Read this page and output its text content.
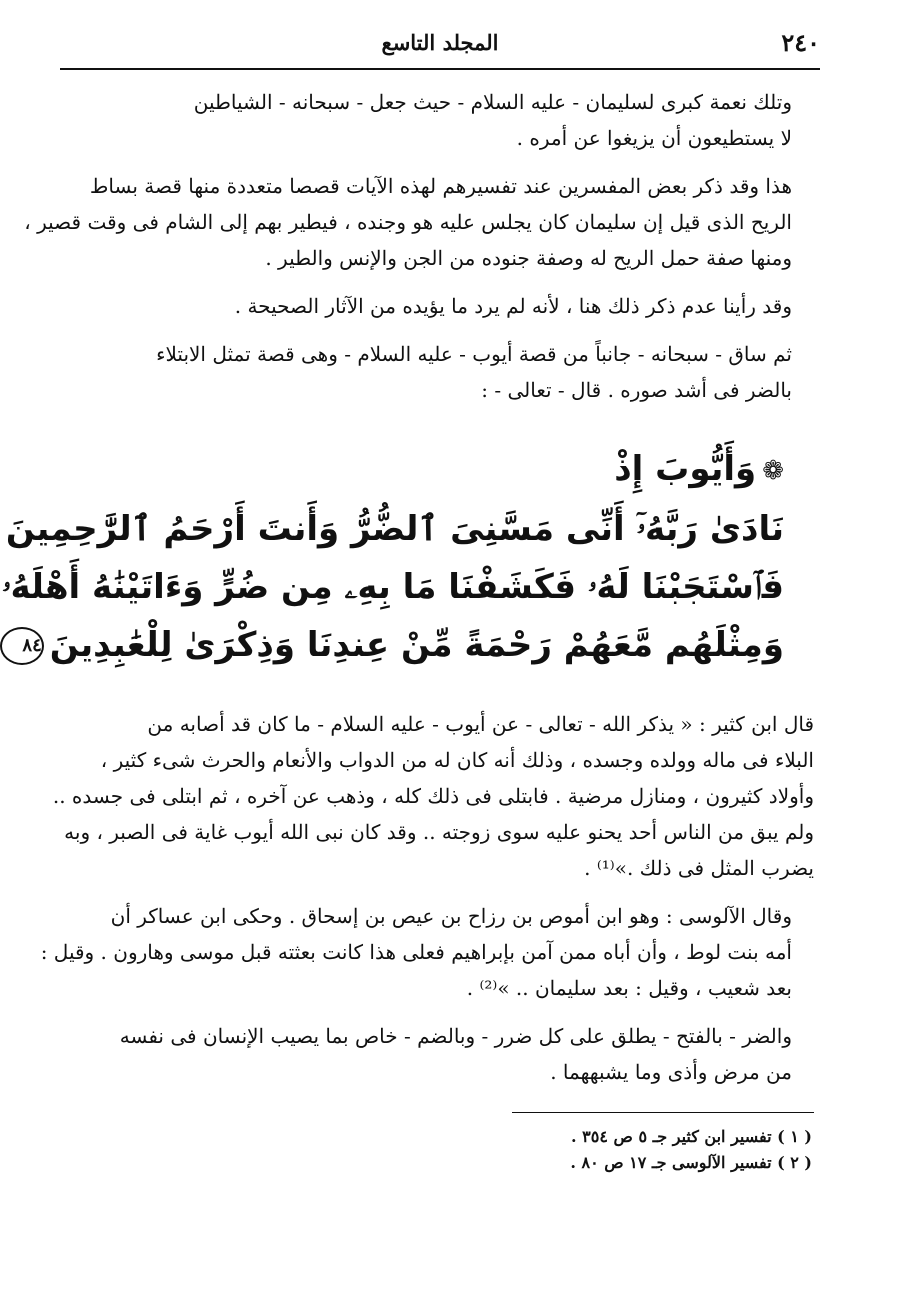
٢٤٠
المجلد التاسع

وتلك نعمة كبرى لسليمان - عليه السلام - حيث جعل - سبحانه - الشياطين
لا يستطيعون أن يزيغوا عن أمره .

هذا وقد ذكر بعض المفسرين عند تفسيرهم لهذه الآيات قصصا متعددة منها قصة بساط
الريح الذى قيل إن سليمان كان يجلس عليه هو وجنده ، فيطير بهم إلى الشام فى وقت قصير ،
ومنها صفة حمل الريح له وصفة جنوده من الجن والإنس والطير .

وقد رأينا عدم ذكر ذلك هنا ، لأنه لم يرد ما يؤيده من الآثار الصحيحة .

ثم ساق - سبحانه - جانباً من قصة أيوب - عليه السلام - وهى قصة تمثل الابتلاء
بالضر فى أشد صوره . قال - تعالى - :

❁وَأَيُّوبَ إِذْ
نَادَىٰ رَبَّهُۥٓ أَنِّى مَسَّنِىَ ٱلضُّرُّ وَأَنتَ أَرْحَمُ ٱلرَّٰحِمِينَ
فَٱسْتَجَبْنَا لَهُۥ فَكَشَفْنَا مَا بِهِۦ مِن ضُرٍّ وَءَاتَيْنَٰهُ أَهْلَهُۥ
وَمِثْلَهُم مَّعَهُمْ رَحْمَةً مِّنْ عِندِنَا وَذِكْرَىٰ لِلْعَٰبِدِينَ٨٤

قال ابن كثير : « يذكر الله - تعالى - عن أيوب - عليه السلام - ما كان قد أصابه من
البلاء فى ماله وولده وجسده ، وذلك أنه كان له من الدواب والأنعام والحرث شىء كثير ،
وأولاد كثيرون ، ومنازل مرضية . فابتلى فى ذلك كله ، وذهب عن آخره ، ثم ابتلى فى جسده ..
ولم يبق من الناس أحد يحنو عليه سوى زوجته .. وقد كان نبى الله أيوب غاية فى الصبر ، وبه
يضرب المثل فى ذلك .»⁽¹⁾ .

وقال الآلوسى : وهو ابن أموص بن رزاح بن عيص بن إسحاق . وحكى ابن عساكر أن
أمه بنت لوط ، وأن أباه ممن آمن بإبراهيم فعلى هذا كانت بعثته قبل موسى وهارون . وقيل :
بعد شعيب ، وقيل : بعد سليمان .. »⁽²⁾ .

والضر - بالفتح - يطلق على كل ضرر - وبالضم - خاص بما يصيب الإنسان فى نفسه
من مرض وأذى وما يشبههما .

( ١ ) تفسير ابن كثير جـ ٥ ص ٣٥٤ .
( ٢ ) تفسير الآلوسى جـ ١٧ ص ٨٠ .
